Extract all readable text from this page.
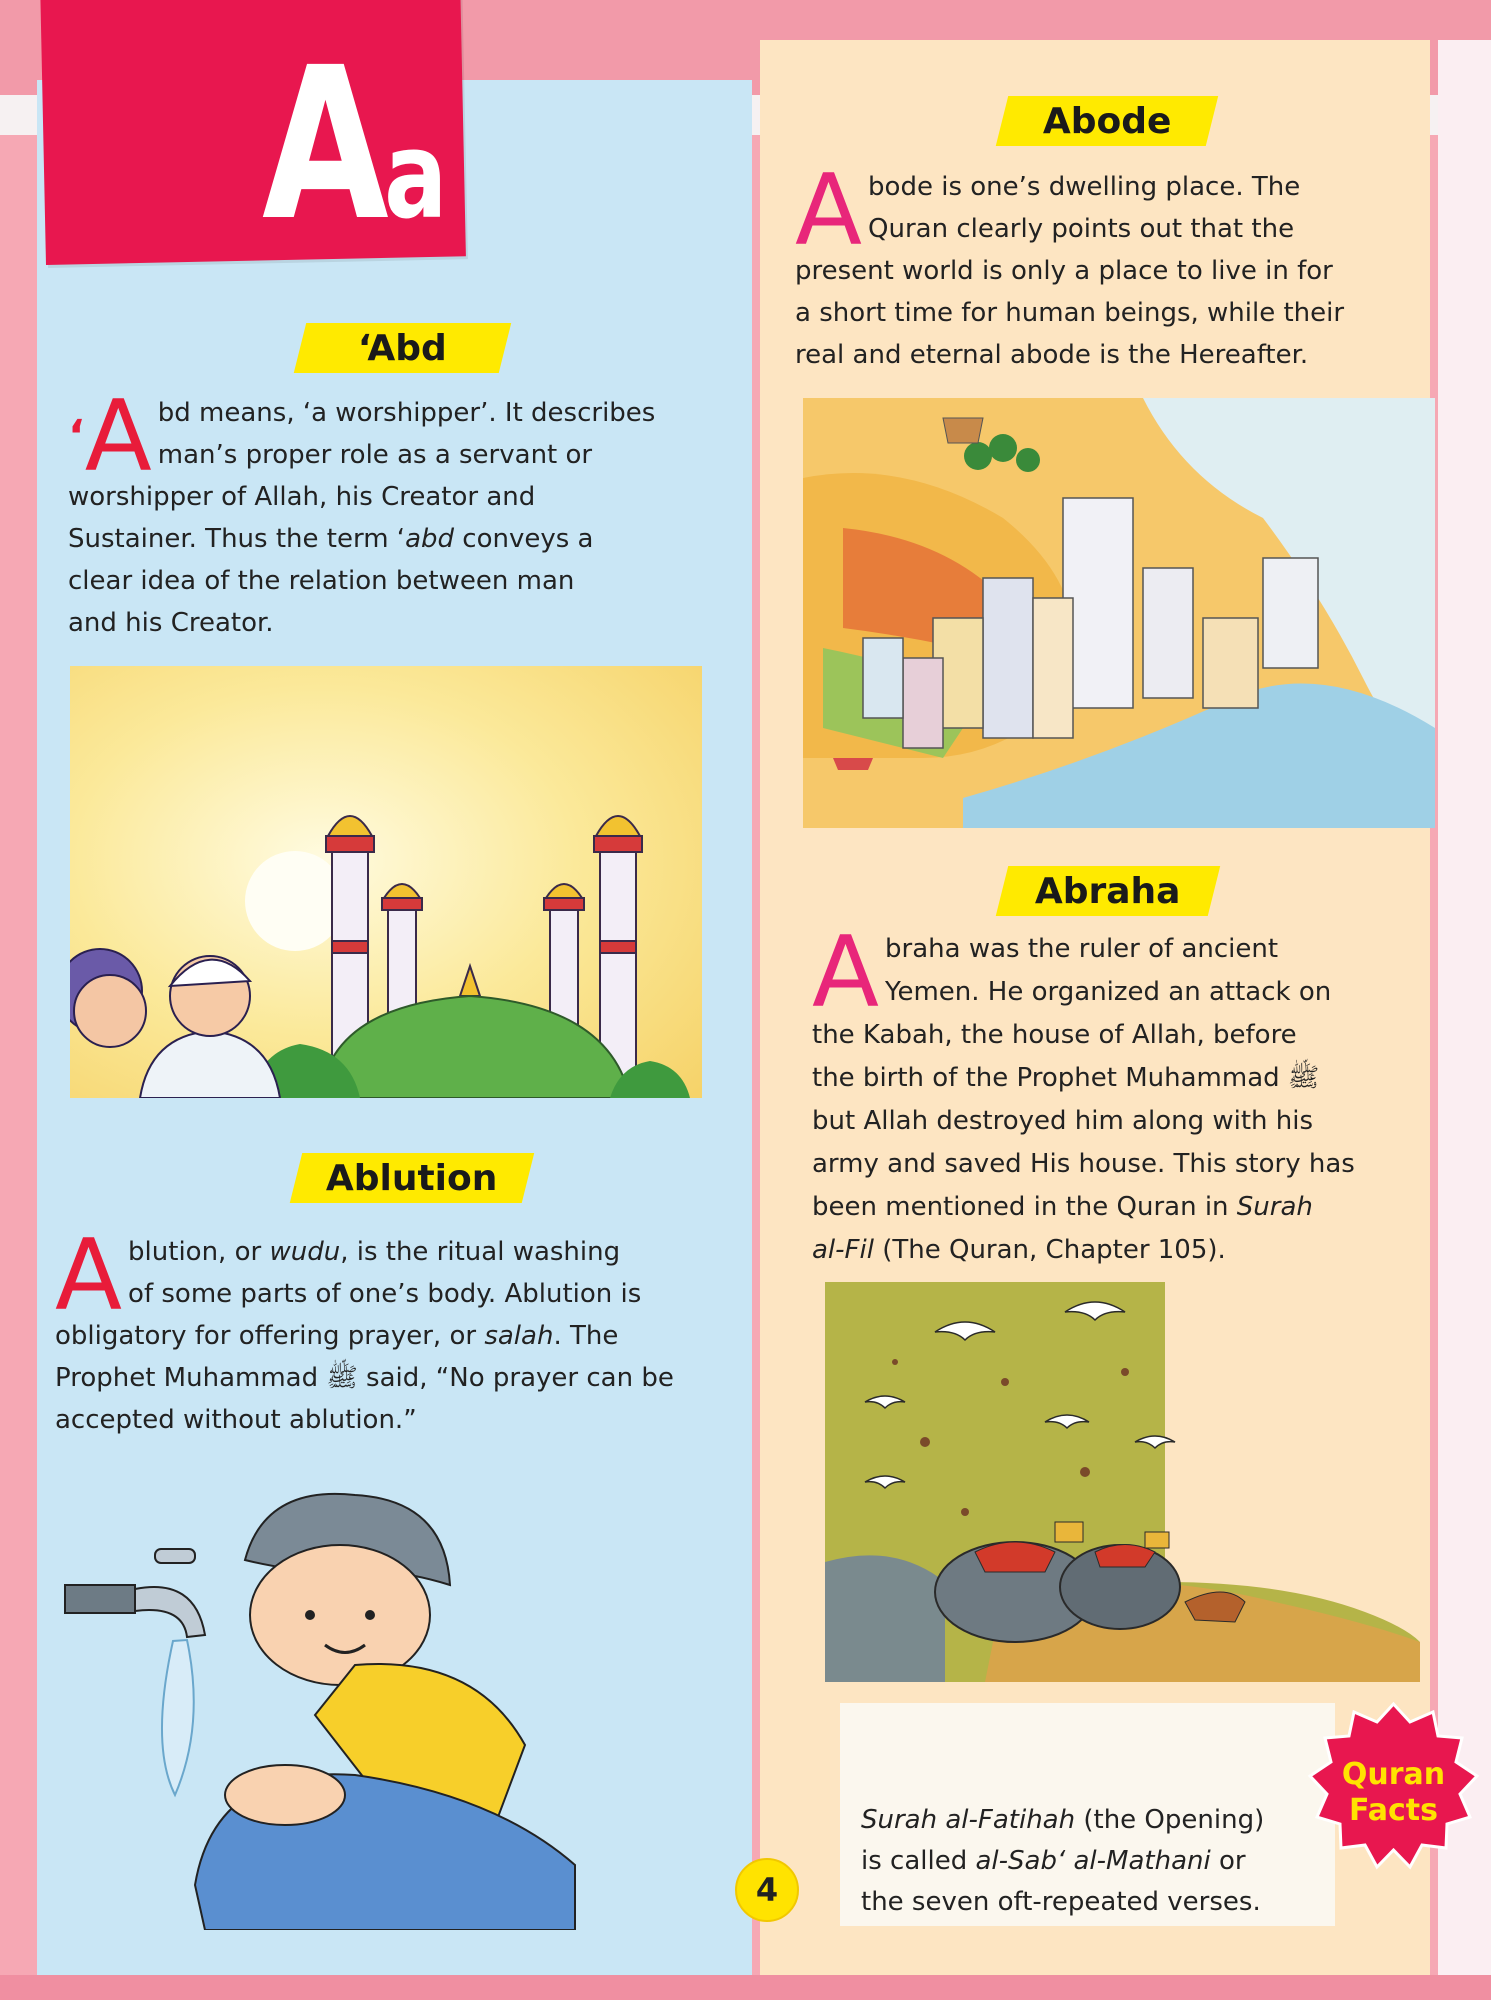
Aa
‘Abd
‘A bd means, ‘a worshipper’. It describes
man’s proper role as a servant or
worshipper of Allah, his Creator and
Sustainer. Thus the term ‘abd conveys a
clear idea of the relation between man
and his Creator.
Ablution
A blution, or wudu, is the ritual washing
of some parts of one’s body. Ablution is
obligatory for offering prayer, or salah. The
Prophet Muhammad ﷺ said, “No prayer can be
accepted without ablution.”
Abode
A bode is one’s dwelling place. The
Quran clearly points out that the
present world is only a place to live in for
a short time for human beings, while their
real and eternal abode is the Hereafter.
Abraha
A braha was the ruler of ancient
Yemen. He organized an attack on
the Kabah, the house of Allah, before
the birth of the Prophet Muhammad ﷺ
but Allah destroyed him along with his
army and saved His house. This story has
been mentioned in the Quran in Surah
al-Fil (The Quran, Chapter 105).
Quran
Facts
Surah al-Fatihah (the Opening)
is called al-Sab‘ al-Mathani or
the seven oft-repeated verses.
4
